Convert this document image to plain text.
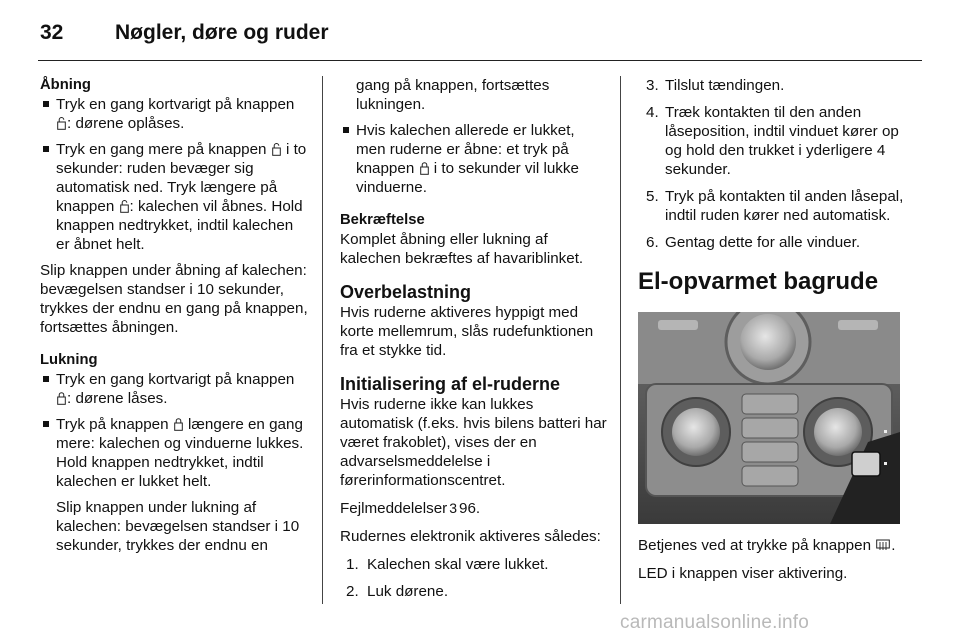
32	Nøgler, døre og ruder
Åbning
Tryk en gang kortvarigt på knappen
: dørene oplåses.
Tryk en gang mere på knappen i to sekunder: ruden bevæger sig automatisk ned. Tryk længere på knappen : kalechen vil åbnes. Hold knappen nedtrykket, indtil kalechen er åbnet helt.

Slip knappen under åbning af kalechen: bevægelsen standser i 10 sekunder, trykkes der endnu en gang på knappen, fortsættes åbningen.

Lukning
Tryk en gang kortvarigt på knappen
: dørene låses.
Tryk på knappen længere en gang mere: kalechen og vinduerne lukkes. Hold knappen nedtrykket, indtil kalechen er lukket helt.
Slip knappen under lukning af kalechen: bevægelsen standser i 10 sekunder, trykkes der endnu en
gang på knappen, fortsættes lukningen.
Hvis kalechen allerede er lukket, men ruderne er åbne: et tryk på knappen i to sekunder vil lukke vinduerne.
Bekræftelse

Komplet åbning eller lukning af kalechen bekræftes af havariblinket.

Overbelastning

Hvis ruderne aktiveres hyppigt med korte mellemrum, slås rudefunktionen fra et stykke tid.

Initialisering af el-ruderne

Hvis ruderne ikke kan lukkes automatisk (f.eks. hvis bilens batteri har været frakoblet), vises der en advarselsmeddelelse i førerinformationscentret.

Fejlmeddelelser 3 96.

Rudernes elektronik aktiveres således:

1. Kalechen skal være lukket.
2. Luk dørene.
3. Tilslut tændingen.
4. Træk kontakten til den anden låseposition, indtil vinduet kører op og hold den trukket i yderligere 4 sekunder.
5. Tryk på kontakten til anden låsepal, indtil ruden kører ned automatisk.
6. Gentag dette for alle vinduer.
El-opvarmet bagrude

Betjenes ved at trykke på knappen .

LED i knappen viser aktivering.

carmanualsonline.info
